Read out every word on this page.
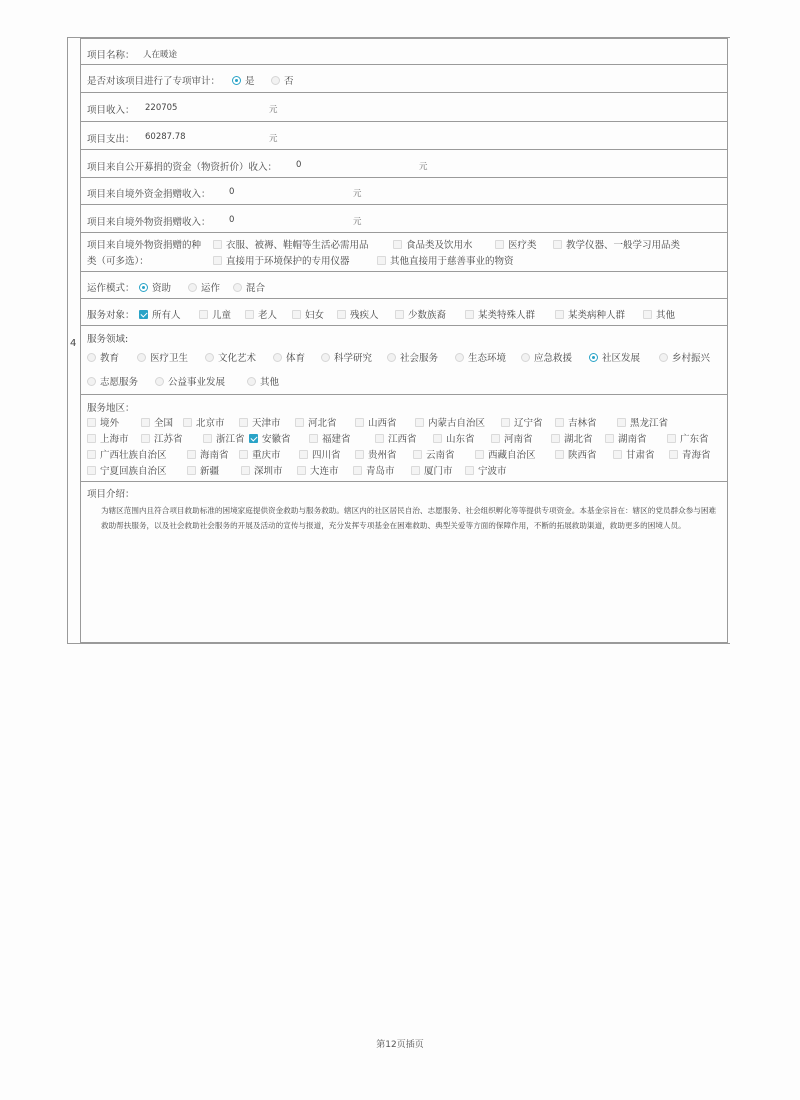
4
项目名称： 人在暖途
是否对该项目进行了专项审计：	是	否
项目收入： 220705	元
项目支出： 60287.78	元
项目来自公开募捐的资金（物资折价）收入： 0	元
项目来自境外资金捐赠收入： 0	元
项目来自境外物资捐赠收入： 0	元
项目来自境外物资捐赠的种
类（可多选）：
衣服、被褥、鞋帽等生活必需用品	食品类及饮用水	医疗类	教学仪器、一般学习用品类
直接用于环境保护的专用仪器	其他直接用于慈善事业的物资
运作模式：	资助	运作	混合
服务对象：	所有人	儿童	老人	妇女	残疾人	少数族裔	某类特殊人群	某类病种人群	其他
服务领域:
教育	医疗卫生	文化艺术	体育	科学研究	社会服务	生态环境	应急救援	社区发展	乡村振兴
志愿服务	公益事业发展	其他
服务地区：
境外	全国	北京市	天津市	河北省	山西省	内蒙古自治区	辽宁省	吉林省	黑龙江省
上海市	江苏省	浙江省	安徽省	福建省	江西省	山东省	河南省	湖北省	湖南省	广东省
广西壮族自治区	海南省	重庆市	四川省	贵州省	云南省	西藏自治区	陕西省	甘肃省	青海省
宁夏回族自治区	新疆	深圳市	大连市	青岛市	厦门市	宁波市
项目介绍：
为辖区范围内且符合项目救助标准的困境家庭提供资金救助与服务救助。辖区内的社区居民自治、志愿服务、社会组织孵化等等提供专项资金。本基金宗旨在：辖区的党员群众参与困难救助帮扶服务，以及社会救助社会服务的开展及活动的宣传与报道，充分发挥专项基金在困难救助、典型关爱等方面的保障作用，不断的拓展救助渠道，救助更多的困境人员。
第12页插页
